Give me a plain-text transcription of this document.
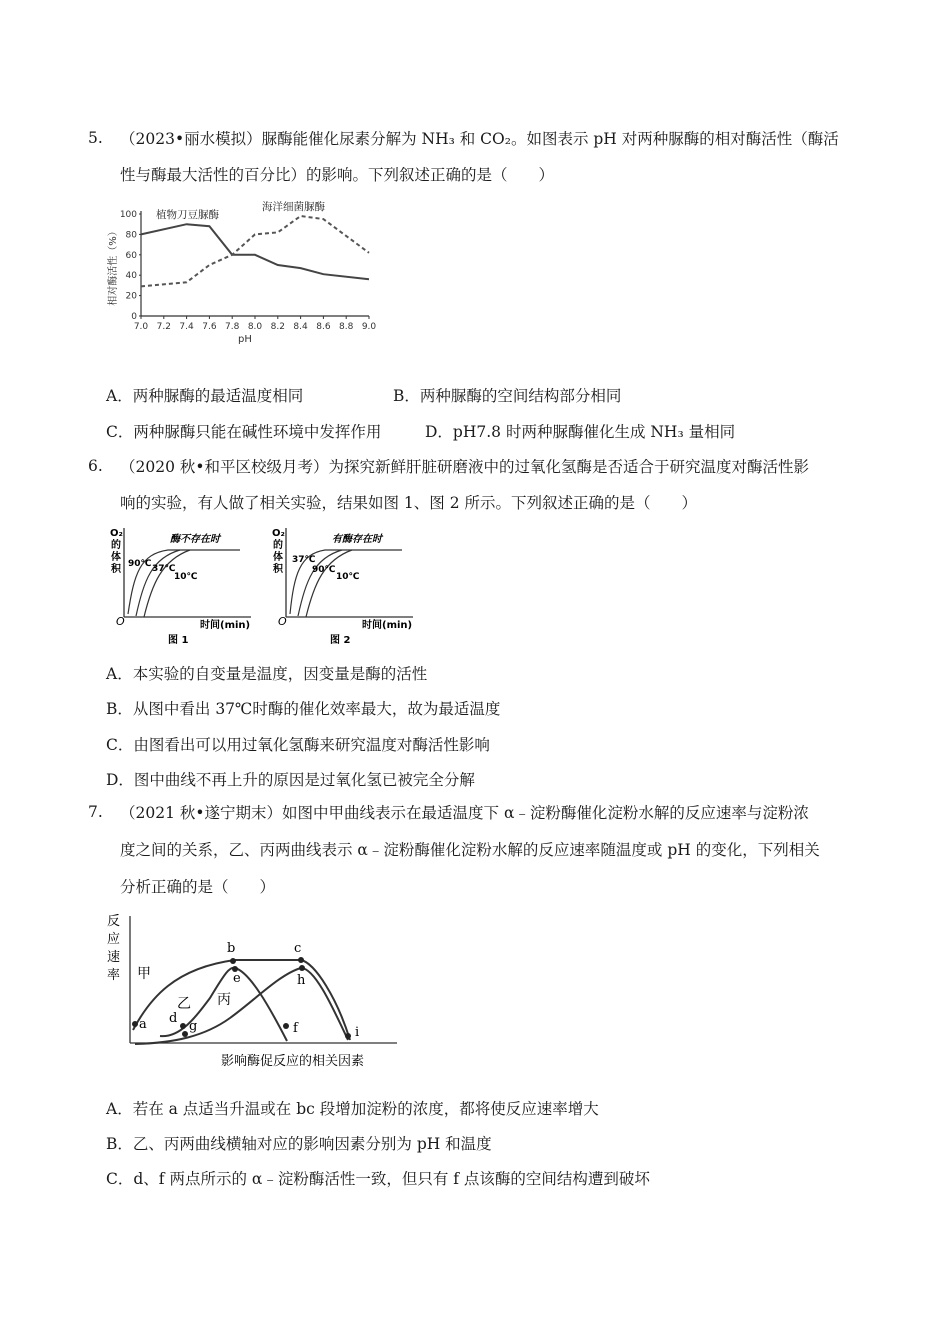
5. （2023•丽水模拟）脲酶能催化尿素分解为 NH₃ 和 CO₂。如图表示 pH 对两种脲酶的相对酶活性（酶活
性与酶最大活性的百分比）的影响。下列叙述正确的是（　　）
100
80
60
40
20
0
7.0 7.2 7.4 7.6 7.8 8.0 8.2 8.4 8.6 8.8 9.0
相对酶活性（%）
pH
植物刀豆脲酶
海洋细菌脲酶
A．两种脲酶的最适温度相同	B．两种脲酶的空间结构部分相同
C．两种脲酶只能在碱性环境中发挥作用	D．pH7.8 时两种脲酶催化生成 NH₃ 量相同
6. （2020 秋•和平区校级月考）为探究新鲜肝脏研磨液中的过氧化氢酶是否适合于研究温度对酶活性影
响的实验，有人做了相关实验，结果如图 1、图 2 所示。下列叙述正确的是（　　）
O₂
的
体
积
酶不存在时
90℃ 37℃
10℃
O	时间(min)
图 1
O₂
的
体
积
有酶存在时
37℃
90℃
10℃
O	时间(min)
图 2
A．本实验的自变量是温度，因变量是酶的活性
B．从图中看出 37℃时酶的催化效率最大，故为最适温度
C．由图看出可以用过氧化氢酶来研究温度对酶活性影响
D．图中曲线不再上升的原因是过氧化氢已被完全分解
7. （2021 秋•遂宁期末）如图中甲曲线表示在最适温度下 α﹣淀粉酶催化淀粉水解的反应速率与淀粉浓
度之间的关系，乙、丙两曲线表示 α﹣淀粉酶催化淀粉水解的反应速率随温度或 pH 的变化，下列相关
分析正确的是（　　）
反
应
速
率
影响酶促反应的相关因素
a
b	c
d
e
f
g
h
i
甲
乙 丙
A．若在 a 点适当升温或在 bc 段增加淀粉的浓度，都将使反应速率增大
B．乙、丙两曲线横轴对应的影响因素分别为 pH 和温度
C．d、f 两点所示的 α﹣淀粉酶活性一致，但只有 f 点该酶的空间结构遭到破坏
